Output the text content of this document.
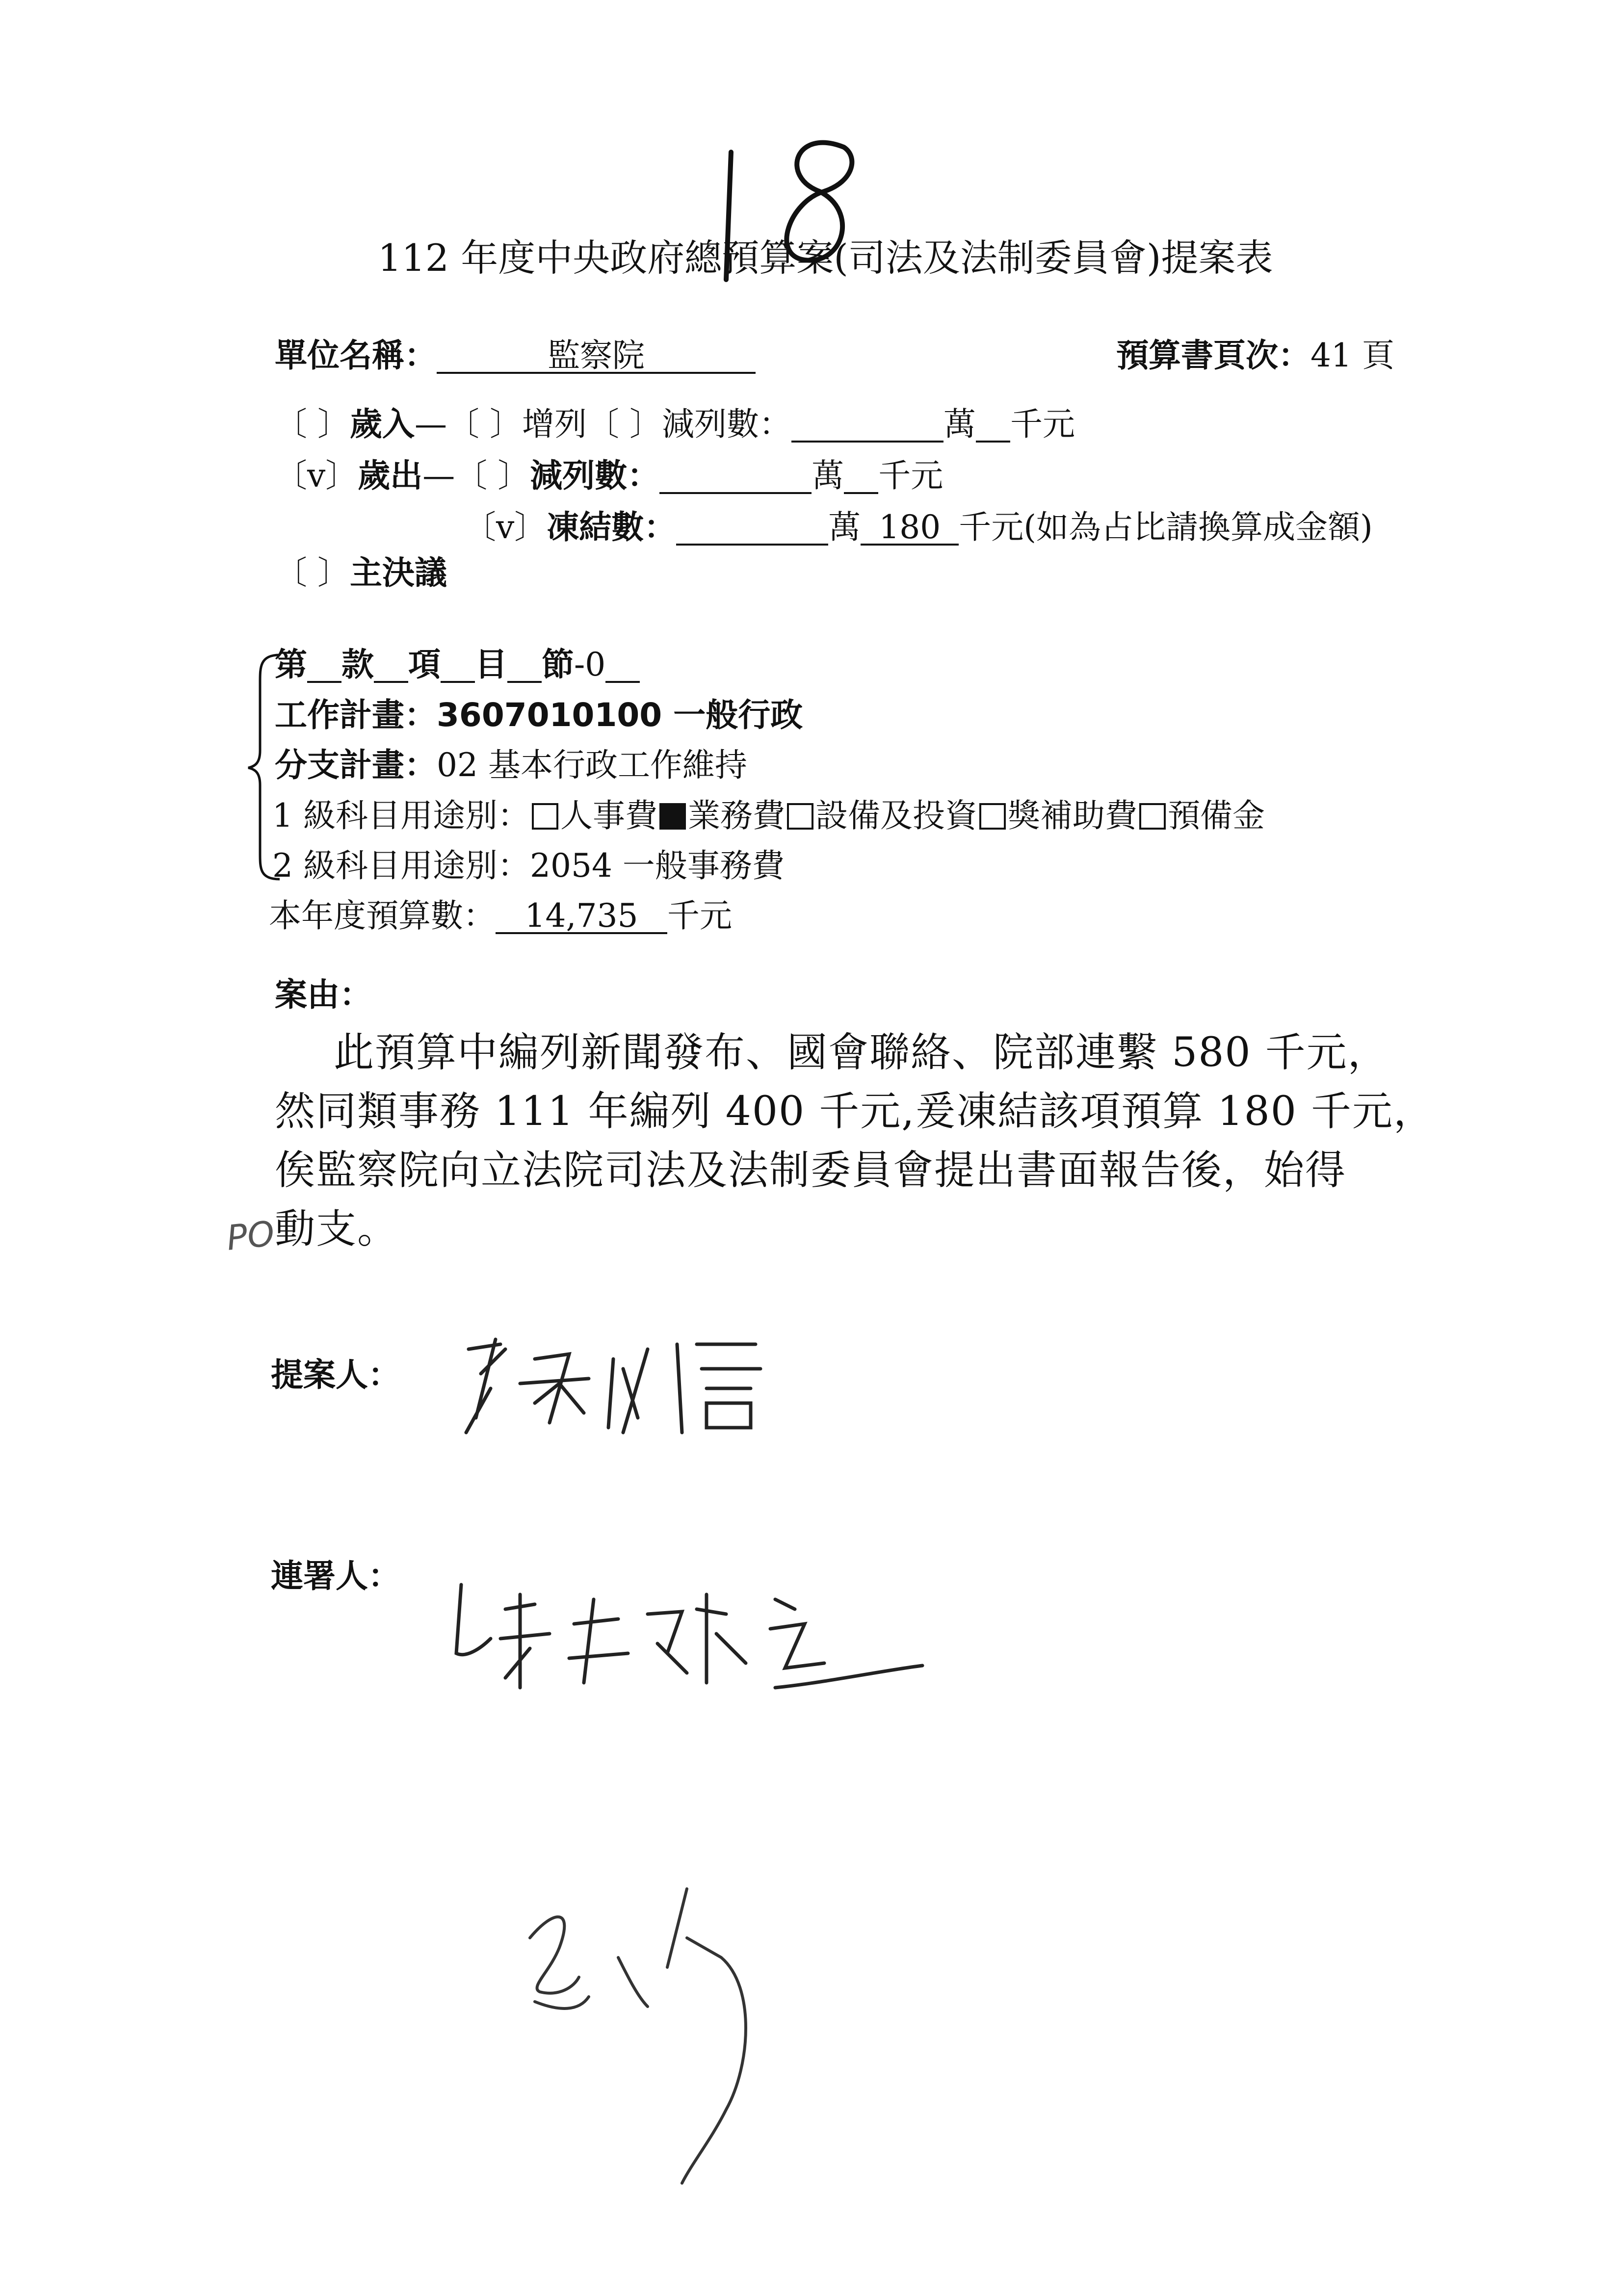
112 年度中央政府總預算案(司法及法制委員會)提案表
單位名稱：	監察院	預算書頁次：41 頁
〔 〕歲入—〔 〕增列〔 〕減列數：	萬 千元
〔v〕歲出—〔 〕減列數：	萬 千元
〔v〕凍結數：	萬 180 千元(如為占比請換算成金額)
〔 〕主決議
第 款 項 目 節-0
工作計畫：3607010100 一般行政
分支計畫：02 基本行政工作維持
1 級科目用途別： 人事費 業務費 設備及投資 獎補助費 預備金
2 級科目用途別：2054 一般事務費
本年度預算數： 14,735 千元
案由：
此預算中編列新聞發布、國會聯絡、院部連繫 580 千元，
然同類事務 111 年編列 400 千元,爰凍結該項預算 180 千元，
俟監察院向立法院司法及法制委員會提出書面報告後，始得
動支。
PO
提案人：
連署人：
